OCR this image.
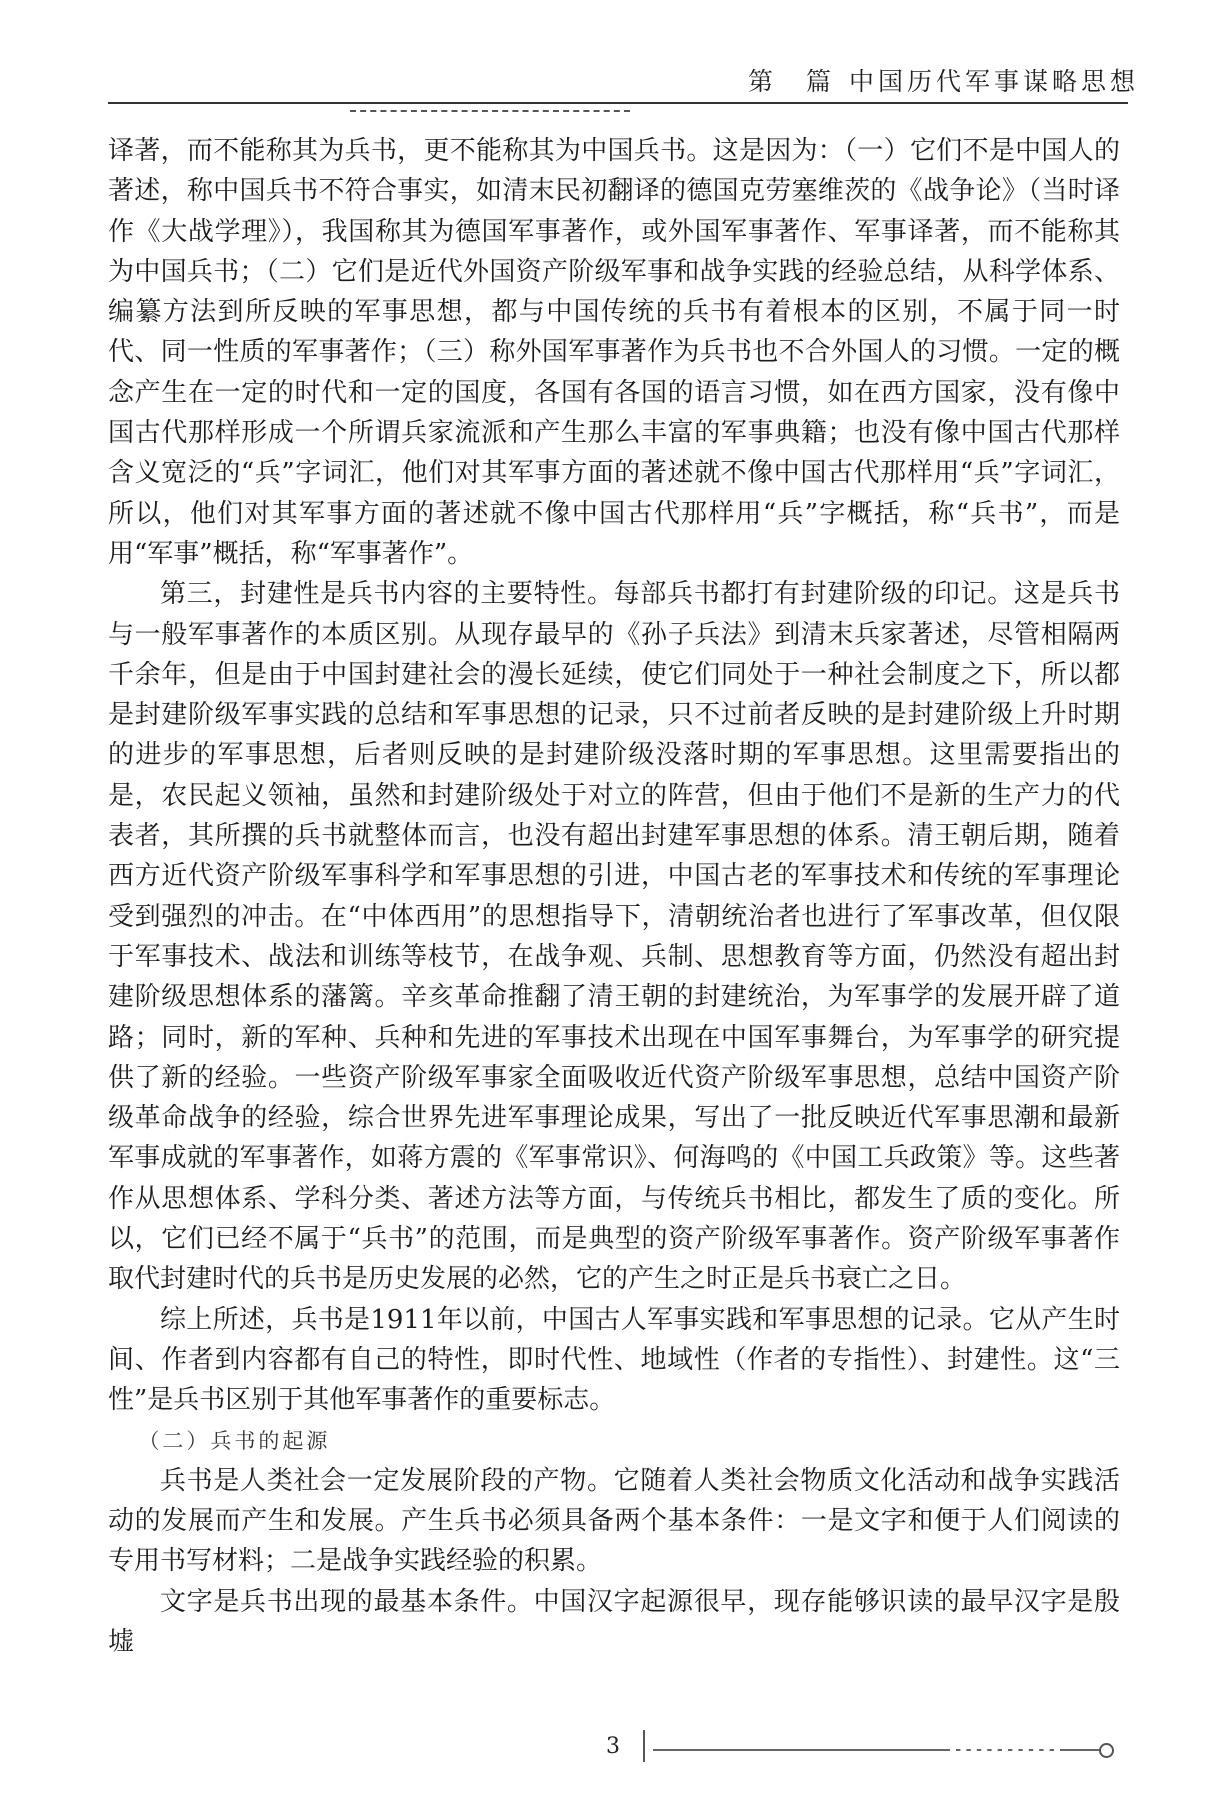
第　篇 中国历代军事谋略思想

译著，而不能称其为兵书，更不能称其为中国兵书。这是因为：（一）它们不是中国人的著述，称中国兵书不符合事实，如清末民初翻译的德国克劳塞维茨的《战争论》（当时译作《大战学理》），我国称其为德国军事著作，或外国军事著作、军事译著，而不能称其为中国兵书；（二）它们是近代外国资产阶级军事和战争实践的经验总结，从科学体系、编纂方法到所反映的军事思想，都与中国传统的兵书有着根本的区别，不属于同一时代、同一性质的军事著作；（三）称外国军事著作为兵书也不合外国人的习惯。一定的概念产生在一定的时代和一定的国度，各国有各国的语言习惯，如在西方国家，没有像中国古代那样形成一个所谓兵家流派和产生那么丰富的军事典籍；也没有像中国古代那样含义宽泛的“兵”字词汇，他们对其军事方面的著述就不像中国古代那样用“兵”字词汇，所以，他们对其军事方面的著述就不像中国古代那样用“兵”字概括，称“兵书”，而是用“军事”概括，称“军事著作”。

第三，封建性是兵书内容的主要特性。每部兵书都打有封建阶级的印记。这是兵书与一般军事著作的本质区别。从现存最早的《孙子兵法》到清末兵家著述，尽管相隔两千余年，但是由于中国封建社会的漫长延续，使它们同处于一种社会制度之下，所以都是封建阶级军事实践的总结和军事思想的记录，只不过前者反映的是封建阶级上升时期的进步的军事思想，后者则反映的是封建阶级没落时期的军事思想。这里需要指出的是，农民起义领袖，虽然和封建阶级处于对立的阵营，但由于他们不是新的生产力的代表者，其所撰的兵书就整体而言，也没有超出封建军事思想的体系。清王朝后期，随着西方近代资产阶级军事科学和军事思想的引进，中国古老的军事技术和传统的军事理论受到强烈的冲击。在“中体西用”的思想指导下，清朝统治者也进行了军事改革，但仅限于军事技术、战法和训练等枝节，在战争观、兵制、思想教育等方面，仍然没有超出封建阶级思想体系的藩篱。辛亥革命推翻了清王朝的封建统治，为军事学的发展开辟了道路；同时，新的军种、兵种和先进的军事技术出现在中国军事舞台，为军事学的研究提供了新的经验。一些资产阶级军事家全面吸收近代资产阶级军事思想，总结中国资产阶级革命战争的经验，综合世界先进军事理论成果，写出了一批反映近代军事思潮和最新军事成就的军事著作，如蒋方震的《军事常识》、何海鸣的《中国工兵政策》等。这些著作从思想体系、学科分类、著述方法等方面，与传统兵书相比，都发生了质的变化。所以，它们已经不属于“兵书”的范围，而是典型的资产阶级军事著作。资产阶级军事著作取代封建时代的兵书是历史发展的必然，它的产生之时正是兵书衰亡之日。

综上所述，兵书是1911年以前，中国古人军事实践和军事思想的记录。它从产生时间、作者到内容都有自己的特性，即时代性、地域性（作者的专指性）、封建性。这“三性”是兵书区别于其他军事著作的重要标志。

（二）兵书的起源

兵书是人类社会一定发展阶段的产物。它随着人类社会物质文化活动和战争实践活动的发展而产生和发展。产生兵书必须具备两个基本条件：一是文字和便于人们阅读的专用书写材料；二是战争实践经验的积累。

文字是兵书出现的最基本条件。中国汉字起源很早，现存能够识读的最早汉字是殷墟

3
